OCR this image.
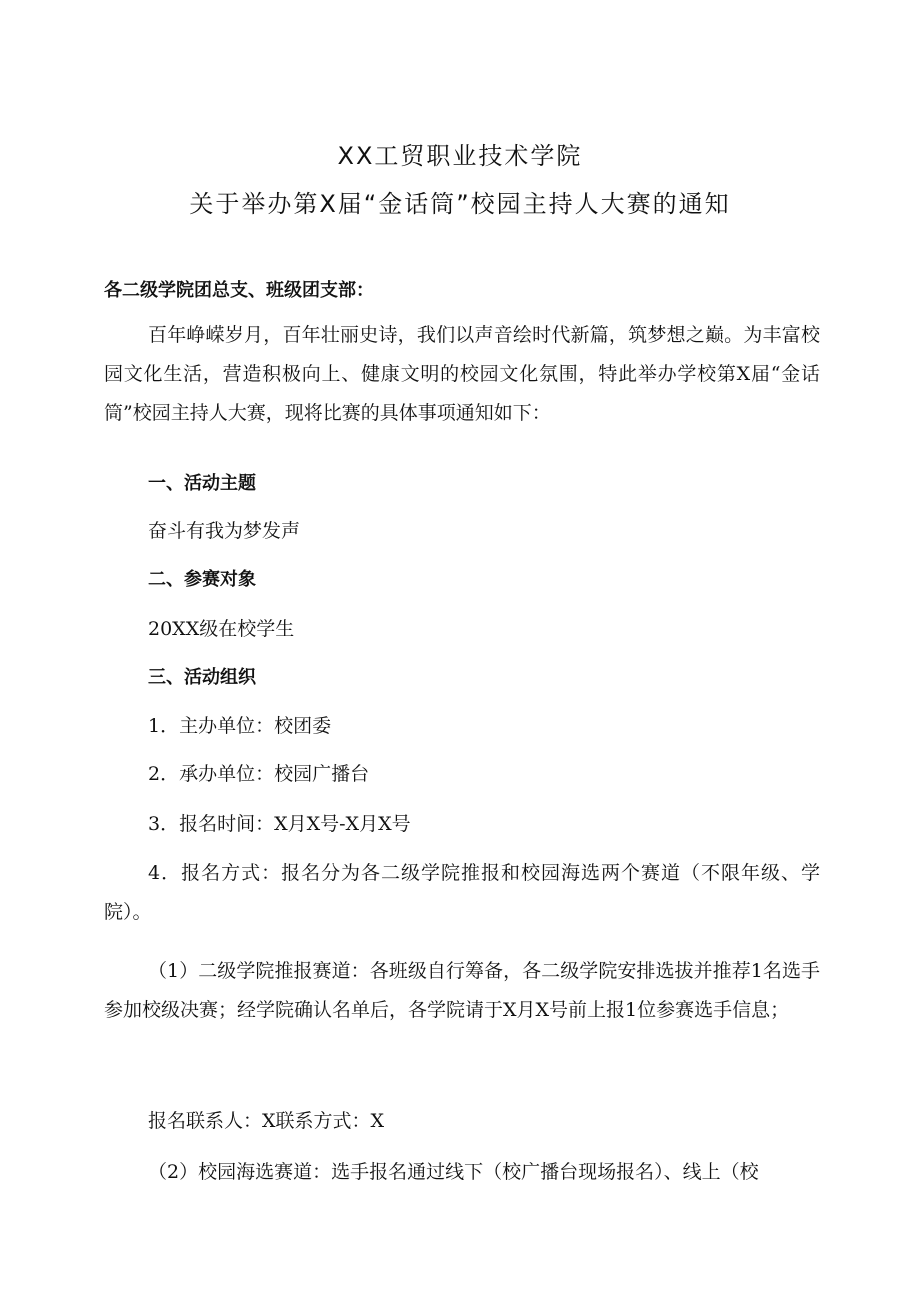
XX工贸职业技术学院
关于举办第X届“金话筒”校园主持人大赛的通知
各二级学院团总支、班级团支部：

百年峥嵘岁月，百年壮丽史诗，我们以声音绘时代新篇，筑梦想之巅。为丰富校园文化生活，营造积极向上、健康文明的校园文化氛围，特此举办学校第X届“金话筒”校园主持人大赛，现将比赛的具体事项通知如下：

一、活动主题
奋斗有我为梦发声
二、参赛对象
20XX级在校学生
三、活动组织
1．主办单位：校团委
2．承办单位：校园广播台
3．报名时间：X月X号-X月X号

4．报名方式：报名分为各二级学院推报和校园海选两个赛道（不限年级、学院）。

（1）二级学院推报赛道：各班级自行筹备，各二级学院安排选拔并推荐1名选手参加校级决赛；经学院确认名单后，各学院请于X月X号前上报1位参赛选手信息；

报名联系人：X联系方式：X

（2）校园海选赛道：选手报名通过线下（校广播台现场报名）、线上（校
